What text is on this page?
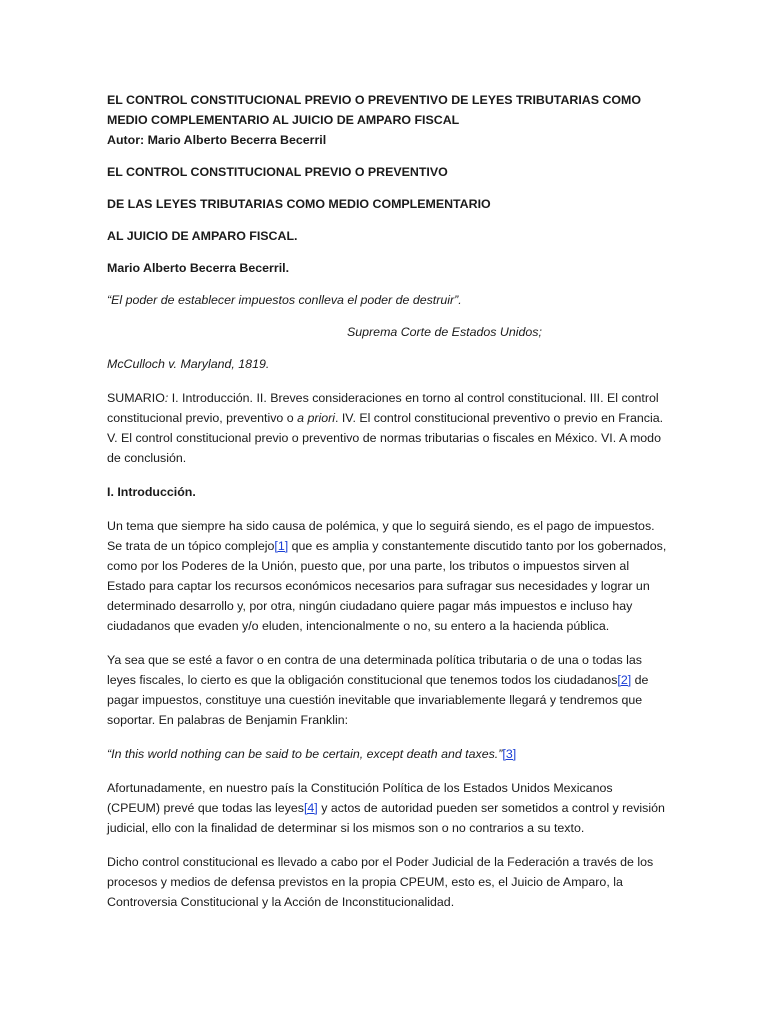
EL CONTROL CONSTITUCIONAL PREVIO O PREVENTIVO DE LEYES TRIBUTARIAS COMO MEDIO COMPLEMENTARIO AL JUICIO DE AMPARO FISCAL

Autor: Mario Alberto Becerra Becerril

EL CONTROL CONSTITUCIONAL PREVIO O PREVENTIVO

DE LAS LEYES TRIBUTARIAS COMO MEDIO COMPLEMENTARIO

AL JUICIO DE AMPARO FISCAL.

Mario Alberto Becerra Becerril.

“El poder de establecer impuestos conlleva el poder de destruir”.

Suprema Corte de Estados Unidos;

McCulloch v. Maryland, 1819.

SUMARIO: I. Introducción. II. Breves consideraciones en torno al control constitucional. III. El control constitucional previo, preventivo o a priori. IV. El control constitucional preventivo o previo en Francia. V. El control constitucional previo o preventivo de normas tributarias o fiscales en México. VI. A modo de conclusión.

I. Introducción.

Un tema que siempre ha sido causa de polémica, y que lo seguirá siendo, es el pago de impuestos. Se trata de un tópico complejo[1] que es amplia y constantemente discutido tanto por los gobernados, como por los Poderes de la Unión, puesto que, por una parte, los tributos o impuestos sirven al Estado para captar los recursos económicos necesarios para sufragar sus necesidades y lograr un determinado desarrollo y, por otra, ningún ciudadano quiere pagar más impuestos e incluso hay ciudadanos que evaden y/o eluden, intencionalmente o no, su entero a la hacienda pública.

Ya sea que se esté a favor o en contra de una determinada política tributaria o de una o todas las leyes fiscales, lo cierto es que la obligación constitucional que tenemos todos los ciudadanos[2] de pagar impuestos, constituye una cuestión inevitable que invariablemente llegará y tendremos que soportar. En palabras de Benjamin Franklin:

“In this world nothing can be said to be certain, except death and taxes.”[3]

Afortunadamente, en nuestro país la Constitución Política de los Estados Unidos Mexicanos (CPEUM) prevé que todas las leyes[4] y actos de autoridad pueden ser sometidos a control y revisión judicial, ello con la finalidad de determinar si los mismos son o no contrarios a su texto.

Dicho control constitucional es llevado a cabo por el Poder Judicial de la Federación a través de los procesos y medios de defensa previstos en la propia CPEUM, esto es, el Juicio de Amparo, la Controversia Constitucional y la Acción de Inconstitucionalidad.
